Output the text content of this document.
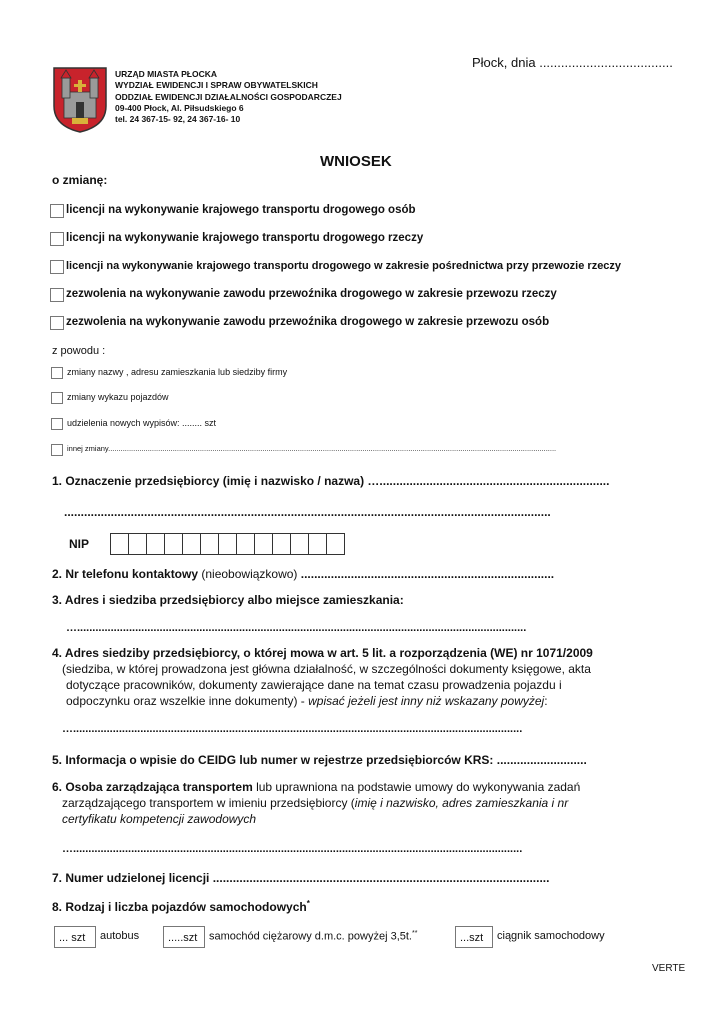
Płock, dnia .....................................
URZĄD MIASTA PŁOCKA
WYDZIAŁ EWIDENCJI I SPRAW OBYWATELSKICH
ODDZIAŁ EWIDENCJI DZIAŁALNOŚCI GOSPODARCZEJ
09-400 Płock, Al. Piłsudskiego 6
tel. 24 367-15- 92, 24 367-16- 10
WNIOSEK
o zmianę:
licencji na wykonywanie krajowego transportu drogowego osób
licencji na wykonywanie krajowego transportu drogowego rzeczy
licencji na wykonywanie krajowego transportu drogowego w zakresie pośrednictwa przy przewozie rzeczy
zezwolenia na wykonywanie zawodu przewoźnika drogowego w zakresie przewozu rzeczy
zezwolenia na wykonywanie zawodu przewoźnika drogowego w zakresie przewozu osób
z powodu :
zmiany nazwy , adresu zamieszkania lub siedziby firmy
zmiany wykazu pojazdów
udzielenia nowych wypisów: ........ szt
innej zmiany.......................................................................................................................................................................................................................
1. Oznaczenie przedsiębiorcy (imię i nazwisko / nazwa) ….....................................................................
..................................................................................................................................................
NIP
2. Nr telefonu kontaktowy (nieobowiązkowo) ............................................................................
3. Adres i siedziba przedsiębiorcy albo miejsce zamieszkania:
…...................................................................................................................................................
4. Adres siedziby przedsiębiorcy, o której mowa w art. 5 lit. a rozporządzenia (WE) nr 1071/2009
(siedziba, w której prowadzona jest główna działalność, w szczególności dokumenty księgowe, akta
dotyczące pracowników, dokumenty zawierające dane na temat czasu prowadzenia pojazdu i
odpoczynku oraz wszelkie inne dokumenty) - wpisać jeżeli jest inny niż wskazany powyżej:
…...................................................................................................................................................
5. Informacja o wpisie do CEIDG lub numer w rejestrze przedsiębiorców KRS: ...........................
6. Osoba zarządzająca transportem lub uprawniona na podstawie umowy do wykonywania zadań
zarządzającego transportem w imieniu przedsiębiorcy (imię i nazwisko, adres zamieszkania i nr
certyfikatu kompetencji zawodowych
…...................................................................................................................................................
7. Numer udzielonej licencji .....................................................................................................
8. Rodzaj i liczba pojazdów samochodowych*
... szt	autobus	.....szt	samochód ciężarowy d.m.c. powyżej 3,5t.**	...szt	ciągnik samochodowy
VERTE
